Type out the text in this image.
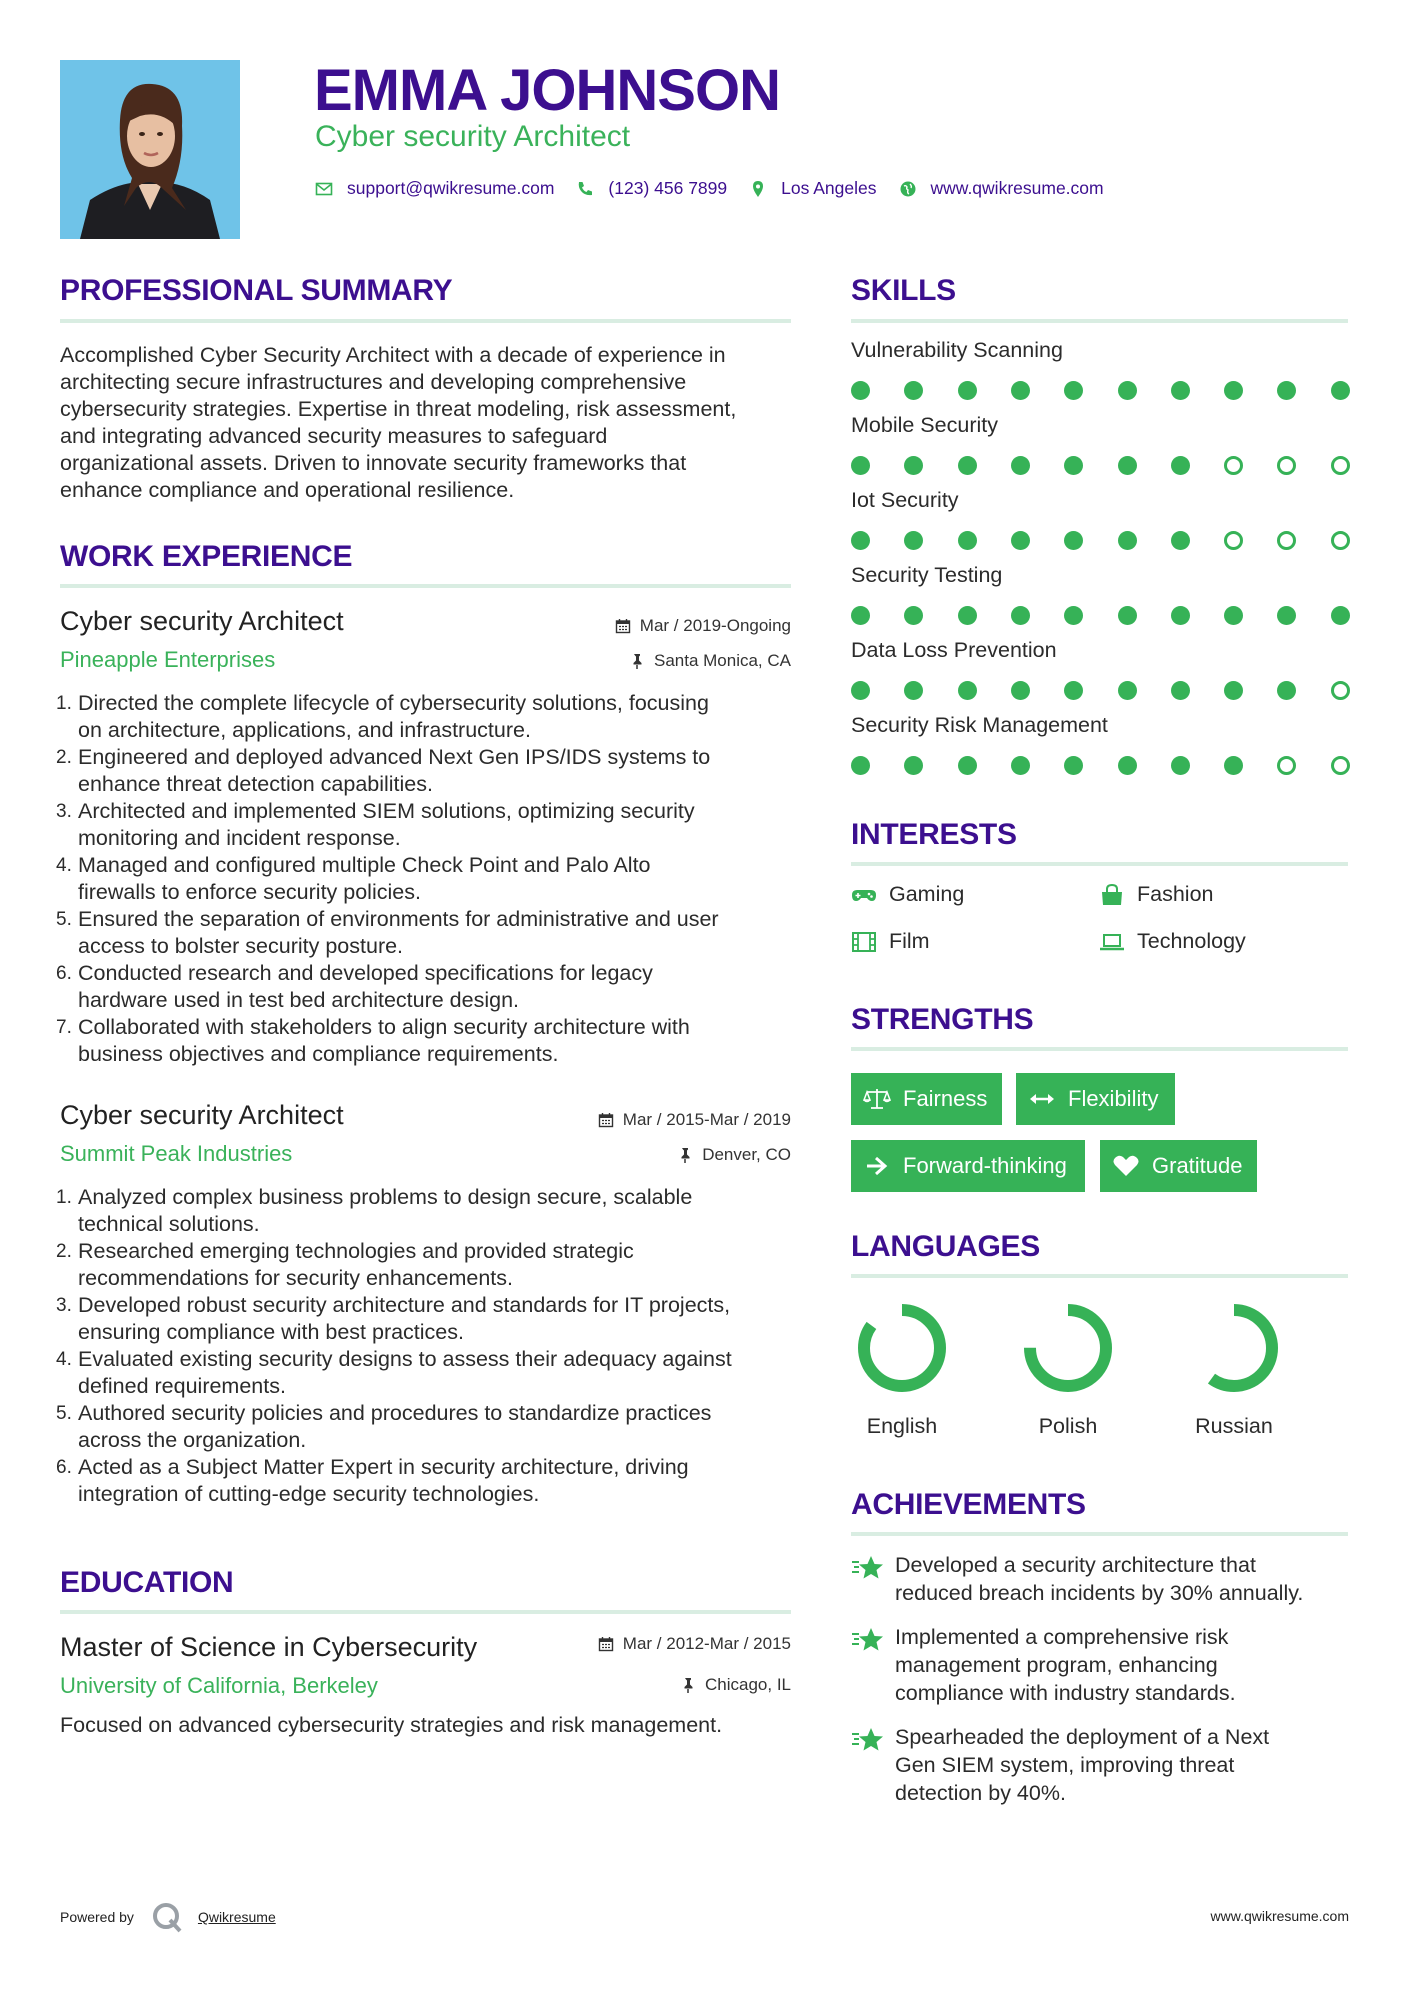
EMMA JOHNSON
Cyber security Architect
support@qwikresume.com	(123) 456 7899	Los Angeles	www.qwikresume.com
PROFESSIONAL SUMMARY
Accomplished Cyber Security Architect with a decade of experience in
architecting secure infrastructures and developing comprehensive
cybersecurity strategies. Expertise in threat modeling, risk assessment,
and integrating advanced security measures to safeguard
organizational assets. Driven to innovate security frameworks that
enhance compliance and operational resilience.
WORK EXPERIENCE
Cyber security Architect
Pineapple Enterprises
Mar / 2019-Ongoing
Santa Monica, CA
1. Directed the complete lifecycle of cybersecurity solutions, focusing
on architecture, applications, and infrastructure.
2. Engineered and deployed advanced Next Gen IPS/IDS systems to
enhance threat detection capabilities.
3. Architected and implemented SIEM solutions, optimizing security
monitoring and incident response.
4. Managed and configured multiple Check Point and Palo Alto
firewalls to enforce security policies.
5. Ensured the separation of environments for administrative and user
access to bolster security posture.
6. Conducted research and developed specifications for legacy
hardware used in test bed architecture design.
7. Collaborated with stakeholders to align security architecture with
business objectives and compliance requirements.
Cyber security Architect
Summit Peak Industries
Mar / 2015-Mar / 2019
Denver, CO
1. Analyzed complex business problems to design secure, scalable
technical solutions.
2. Researched emerging technologies and provided strategic
recommendations for security enhancements.
3. Developed robust security architecture and standards for IT projects,
ensuring compliance with best practices.
4. Evaluated existing security designs to assess their adequacy against
defined requirements.
5. Authored security policies and procedures to standardize practices
across the organization.
6. Acted as a Subject Matter Expert in security architecture, driving
integration of cutting-edge security technologies.
EDUCATION
Master of Science in Cybersecurity
University of California, Berkeley
Mar / 2012-Mar / 2015
Chicago, IL
Focused on advanced cybersecurity strategies and risk management.
SKILLS
Vulnerability Scanning
Mobile Security
Iot Security
Security Testing
Data Loss Prevention
Security Risk Management
INTERESTS
Gaming	Fashion
Film	Technology
STRENGTHS
Fairness	Flexibility
Forward-thinking	Gratitude
LANGUAGES
English	Polish	Russian
ACHIEVEMENTS
Developed a security architecture that
reduced breach incidents by 30% annually.
Implemented a comprehensive risk
management program, enhancing
compliance with industry standards.
Spearheaded the deployment of a Next
Gen SIEM system, improving threat
detection by 40%.
Powered by	Qwikresume	www.qwikresume.com
